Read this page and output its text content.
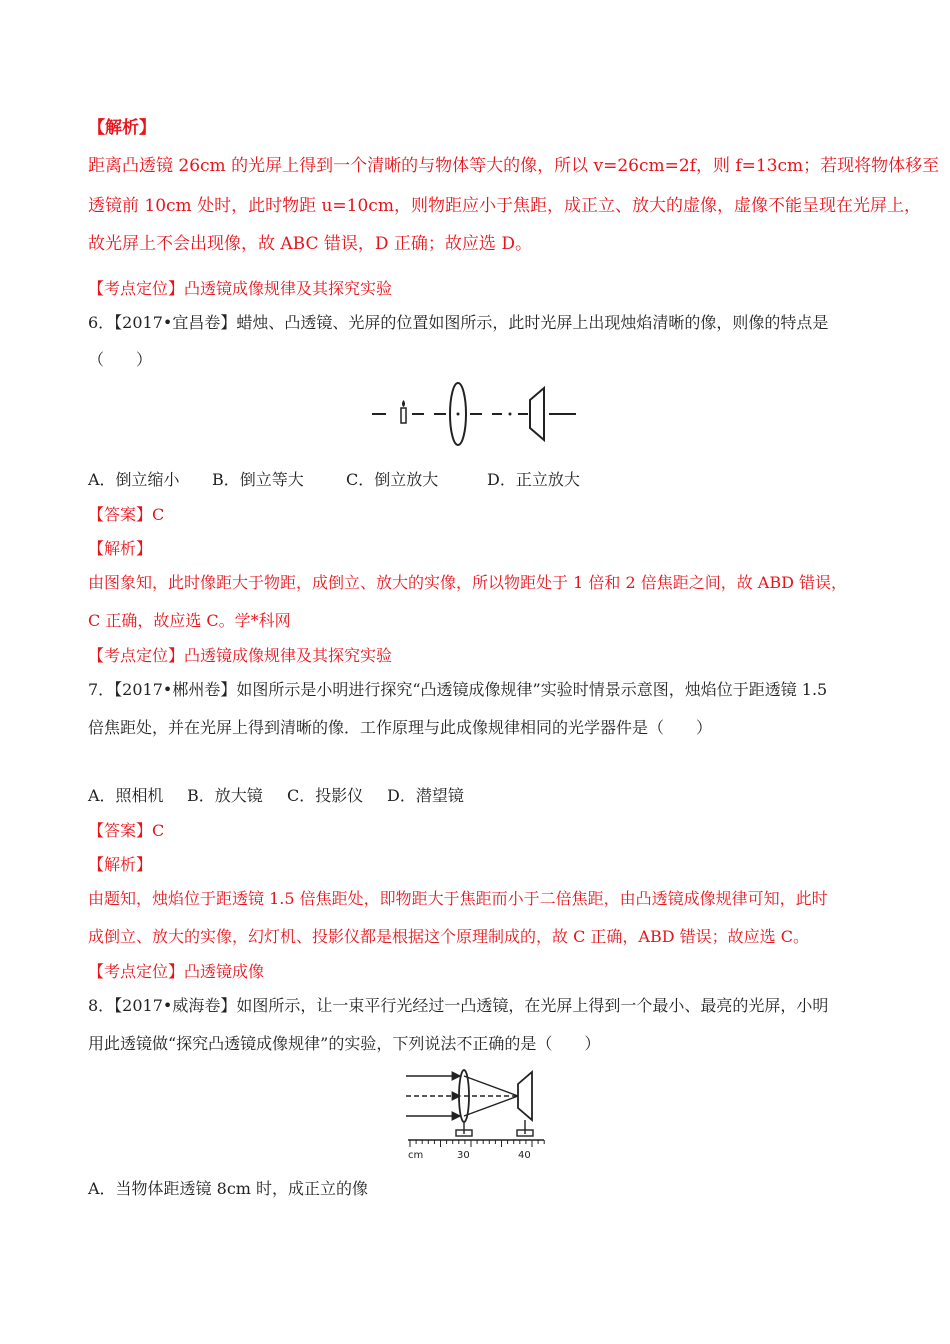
【解析】
距离凸透镜 26cm 的光屏上得到一个清晰的与物体等大的像，所以 v=26cm=2f，则 f=13cm；若现将物体移至
透镜前 10cm 处时，此时物距 u=10cm，则物距应小于焦距，成正立、放大的虚像，虚像不能呈现在光屏上，
故光屏上不会出现像，故 ABC 错误，D 正确；故应选 D。
【考点定位】凸透镜成像规律及其探究实验
6．【2017•宜昌卷】蜡烛、凸透镜、光屏的位置如图所示，此时光屏上出现烛焰清晰的像，则像的特点是
（　　）
A．倒立缩小 B．倒立等大	C．倒立放大	D．正立放大
【答案】C
【解析】
由图象知，此时像距大于物距，成倒立、放大的实像，所以物距处于 1 倍和 2 倍焦距之间，故 ABD 错误，
C 正确，故应选 C。学*科网
【考点定位】凸透镜成像规律及其探究实验
7．【2017•郴州卷】如图所示是小明进行探究“凸透镜成像规律”实验时情景示意图，烛焰位于距透镜 1.5
倍焦距处，并在光屏上得到清晰的像．工作原理与此成像规律相同的光学器件是（　　）
A．照相机 B．放大镜 C．投影仪 D．潜望镜
【答案】C
【解析】
由题知，烛焰位于距透镜 1.5 倍焦距处，即物距大于焦距而小于二倍焦距，由凸透镜成像规律可知，此时
成倒立、放大的实像，幻灯机、投影仪都是根据这个原理制成的，故 C 正确，ABD 错误；故应选 C。
【考点定位】凸透镜成像
8．【2017•威海卷】如图所示，让一束平行光经过一凸透镜，在光屏上得到一个最小、最亮的光屏，小明
用此透镜做“探究凸透镜成像规律”的实验，下列说法不正确的是（　　）
cm	30	40
A．当物体距透镜 8cm 时，成正立的像
